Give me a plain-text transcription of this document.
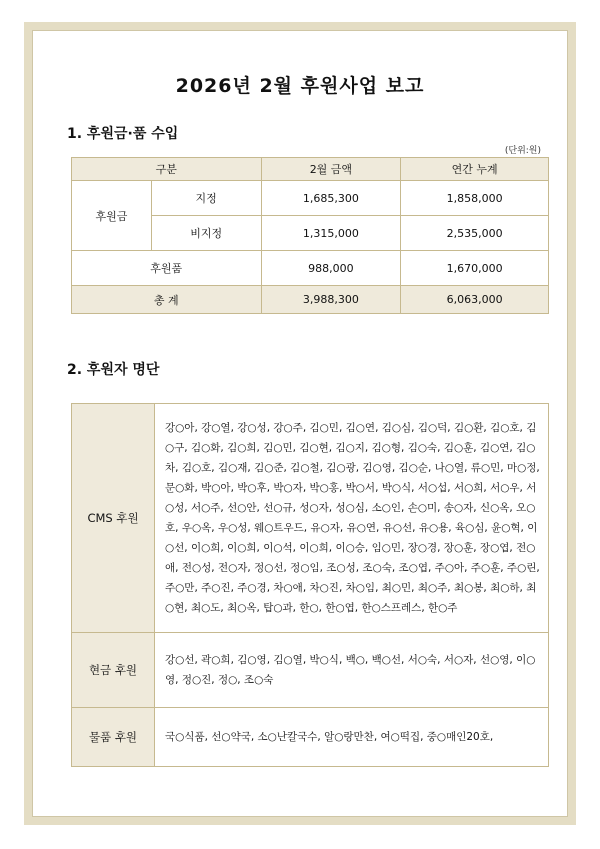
2026년 2월 후원사업 보고
1. 후원금·품 수입
(단위:원)
구분		2월 금액	연간 누계
후원금	지정	1,685,300	1,858,000
	비지정	1,315,000	2,535,000
후원품		988,000	1,670,000
총 계		3,988,300	6,063,000
2. 후원자 명단
CMS 후원	강○아, 강○열, 강○성, 강○주, 김○민, 김○연, 김○심, 김○덕, 김○환, 김○호, 김○구, 김○화, 김○희, 김○민, 김○현, 김○지, 김○형, 김○숙, 김○훈, 김○연, 김○차, 김○호, 김○재, 김○준, 김○철, 김○광, 김○영, 김○순, 나○열, 류○민, 마○정, 문○화, 박○아, 박○후, 박○자, 박○홍, 박○서, 박○식, 서○섭, 서○희, 서○우, 서○성, 서○주, 선○안, 선○규, 성○자, 성○심, 소○인, 손○미, 송○자, 신○옥, 오○호, 우○옥, 우○성, 웨○트우드, 유○자, 유○연, 유○선, 유○용, 육○심, 윤○혁, 이○선, 이○희, 이○희, 이○석, 이○희, 이○승, 임○민, 장○경, 장○훈, 장○엽, 전○애, 전○성, 전○자, 정○선, 정○임, 조○성, 조○숙, 조○엽, 주○아, 주○훈, 주○린, 주○만, 주○진, 주○경, 차○애, 차○진, 차○임, 최○민, 최○주, 최○봉, 최○하, 최○현, 최○도, 최○옥, 탑○과, 한○, 한○엽, 한○스프레스, 한○주
현금 후원	강○선, 곽○희, 김○영, 김○열, 박○식, 백○, 백○선, 서○숙, 서○자, 선○영, 이○영, 정○진, 정○, 조○숙
물품 후원	국○식품, 선○약국, 소○난칼국수, 알○랑만찬, 여○떡집, 중○매인20호,
